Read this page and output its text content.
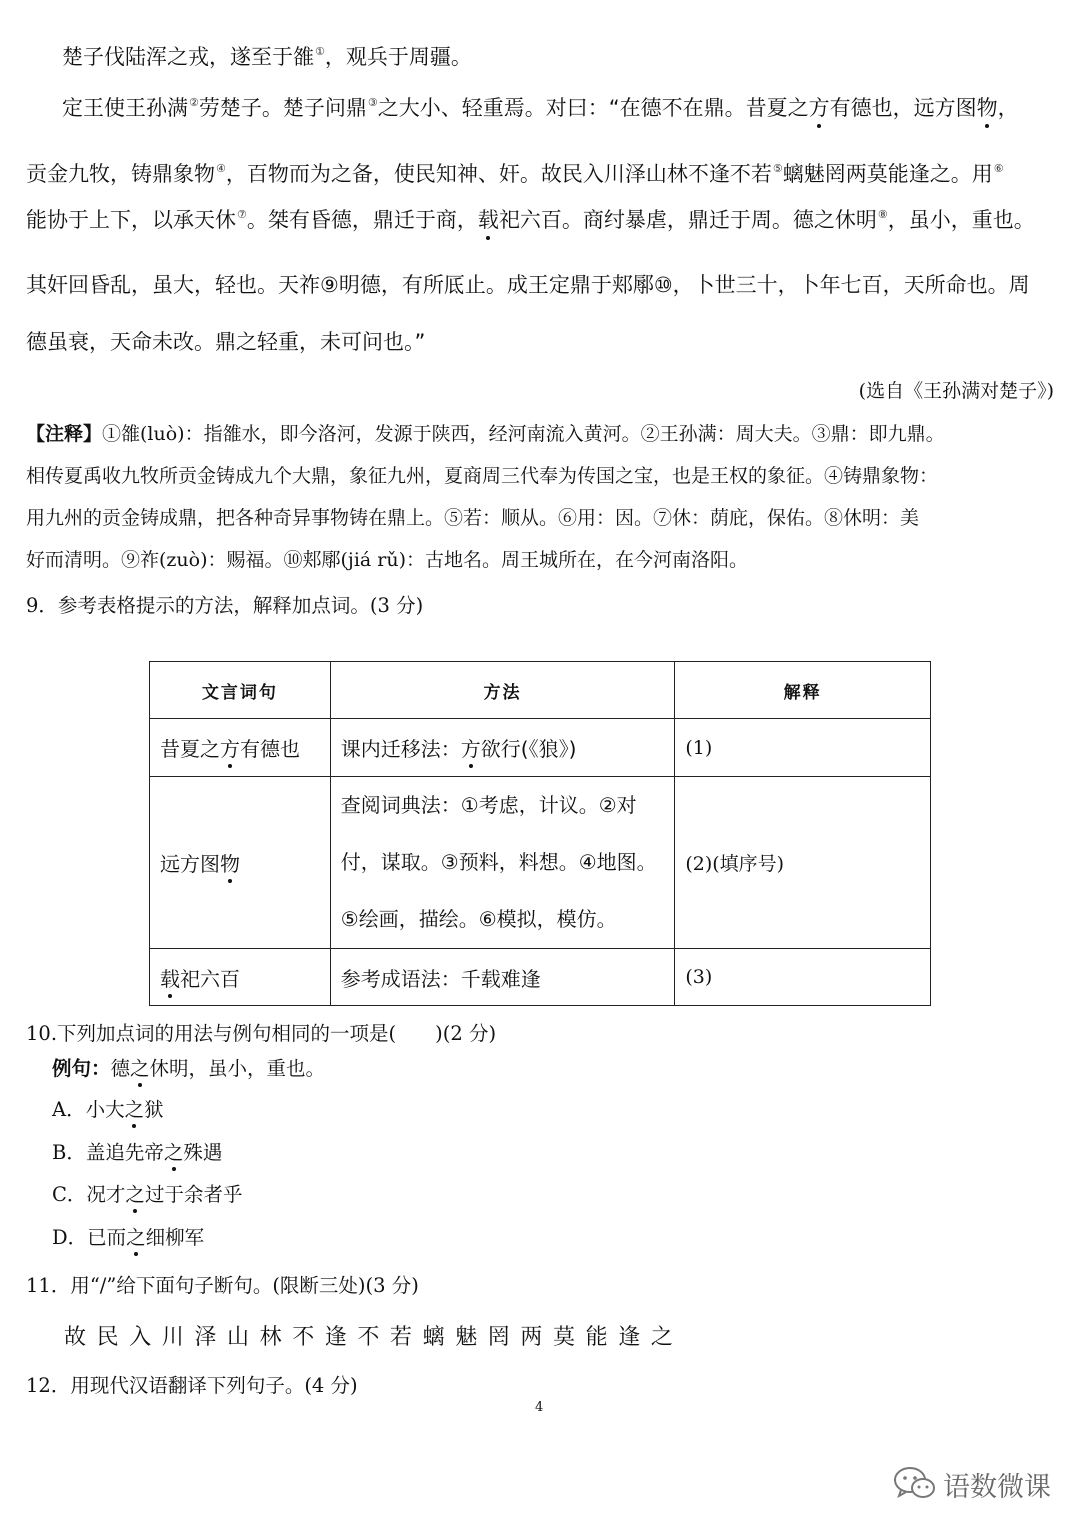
楚子伐陆浑之戎，遂至于雒①，观兵于周疆。
定王使王孙满②劳楚子。楚子问鼎③之大小、轻重焉。对曰：“在德不在鼎。昔夏之方有德也，远方图物，
贡金九牧，铸鼎象物④，百物而为之备，使民知神、奸。故民入川泽山林不逢不若⑤螭魅罔两莫能逢之。用⑥
能协于上下，以承天休⑦。桀有昏德，鼎迁于商，载祀六百。商纣暴虐，鼎迁于周。德之休明⑧，虽小，重也。
其奸回昏乱，虽大，轻也。天祚⑨明德，有所厎止。成王定鼎于郏鄏⑩，卜世三十，卜年七百，天所命也。周
德虽衰，天命未改。鼎之轻重，未可问也。”
(选自《王孙满对楚子》)
【注释】①雒(luò)：指雒水，即今洛河，发源于陕西，经河南流入黄河。②王孙满：周大夫。③鼎：即九鼎。
相传夏禹收九牧所贡金铸成九个大鼎，象征九州，夏商周三代奉为传国之宝，也是王权的象征。④铸鼎象物：
用九州的贡金铸成鼎，把各种奇异事物铸在鼎上。⑤若：顺从。⑥用：因。⑦休：荫庇，保佑。⑧休明：美
好而清明。⑨祚(zuò)：赐福。⑩郏鄏(jiá rǔ)：古地名。周王城所在，在今河南洛阳。
9．参考表格提示的方法，解释加点词。(3 分)
文言词句	方法	解释
昔夏之方有德也	课内迁移法：方欲行(《狼》)	(1)
远方图物	查阅词典法：①考虑，计议。②对
付，谋取。③预料，料想。④地图。
⑤绘画，描绘。⑥模拟，模仿。	(2)(填序号)
载祀六百	参考成语法：千载难逢	(3)
10.下列加点词的用法与例句相同的一项是(　　)(2 分)
例句：德之休明，虽小，重也。
A．小大之狱
B．盖追先帝之殊遇
C．况才之过于余者乎
D．已而之细柳军
11．用“/”给下面句子断句。(限断三处)(3 分)
故民入川泽山林不逢不若螭魅罔两莫能逢之
12．用现代汉语翻译下列句子。(4 分)
4
语数微课
